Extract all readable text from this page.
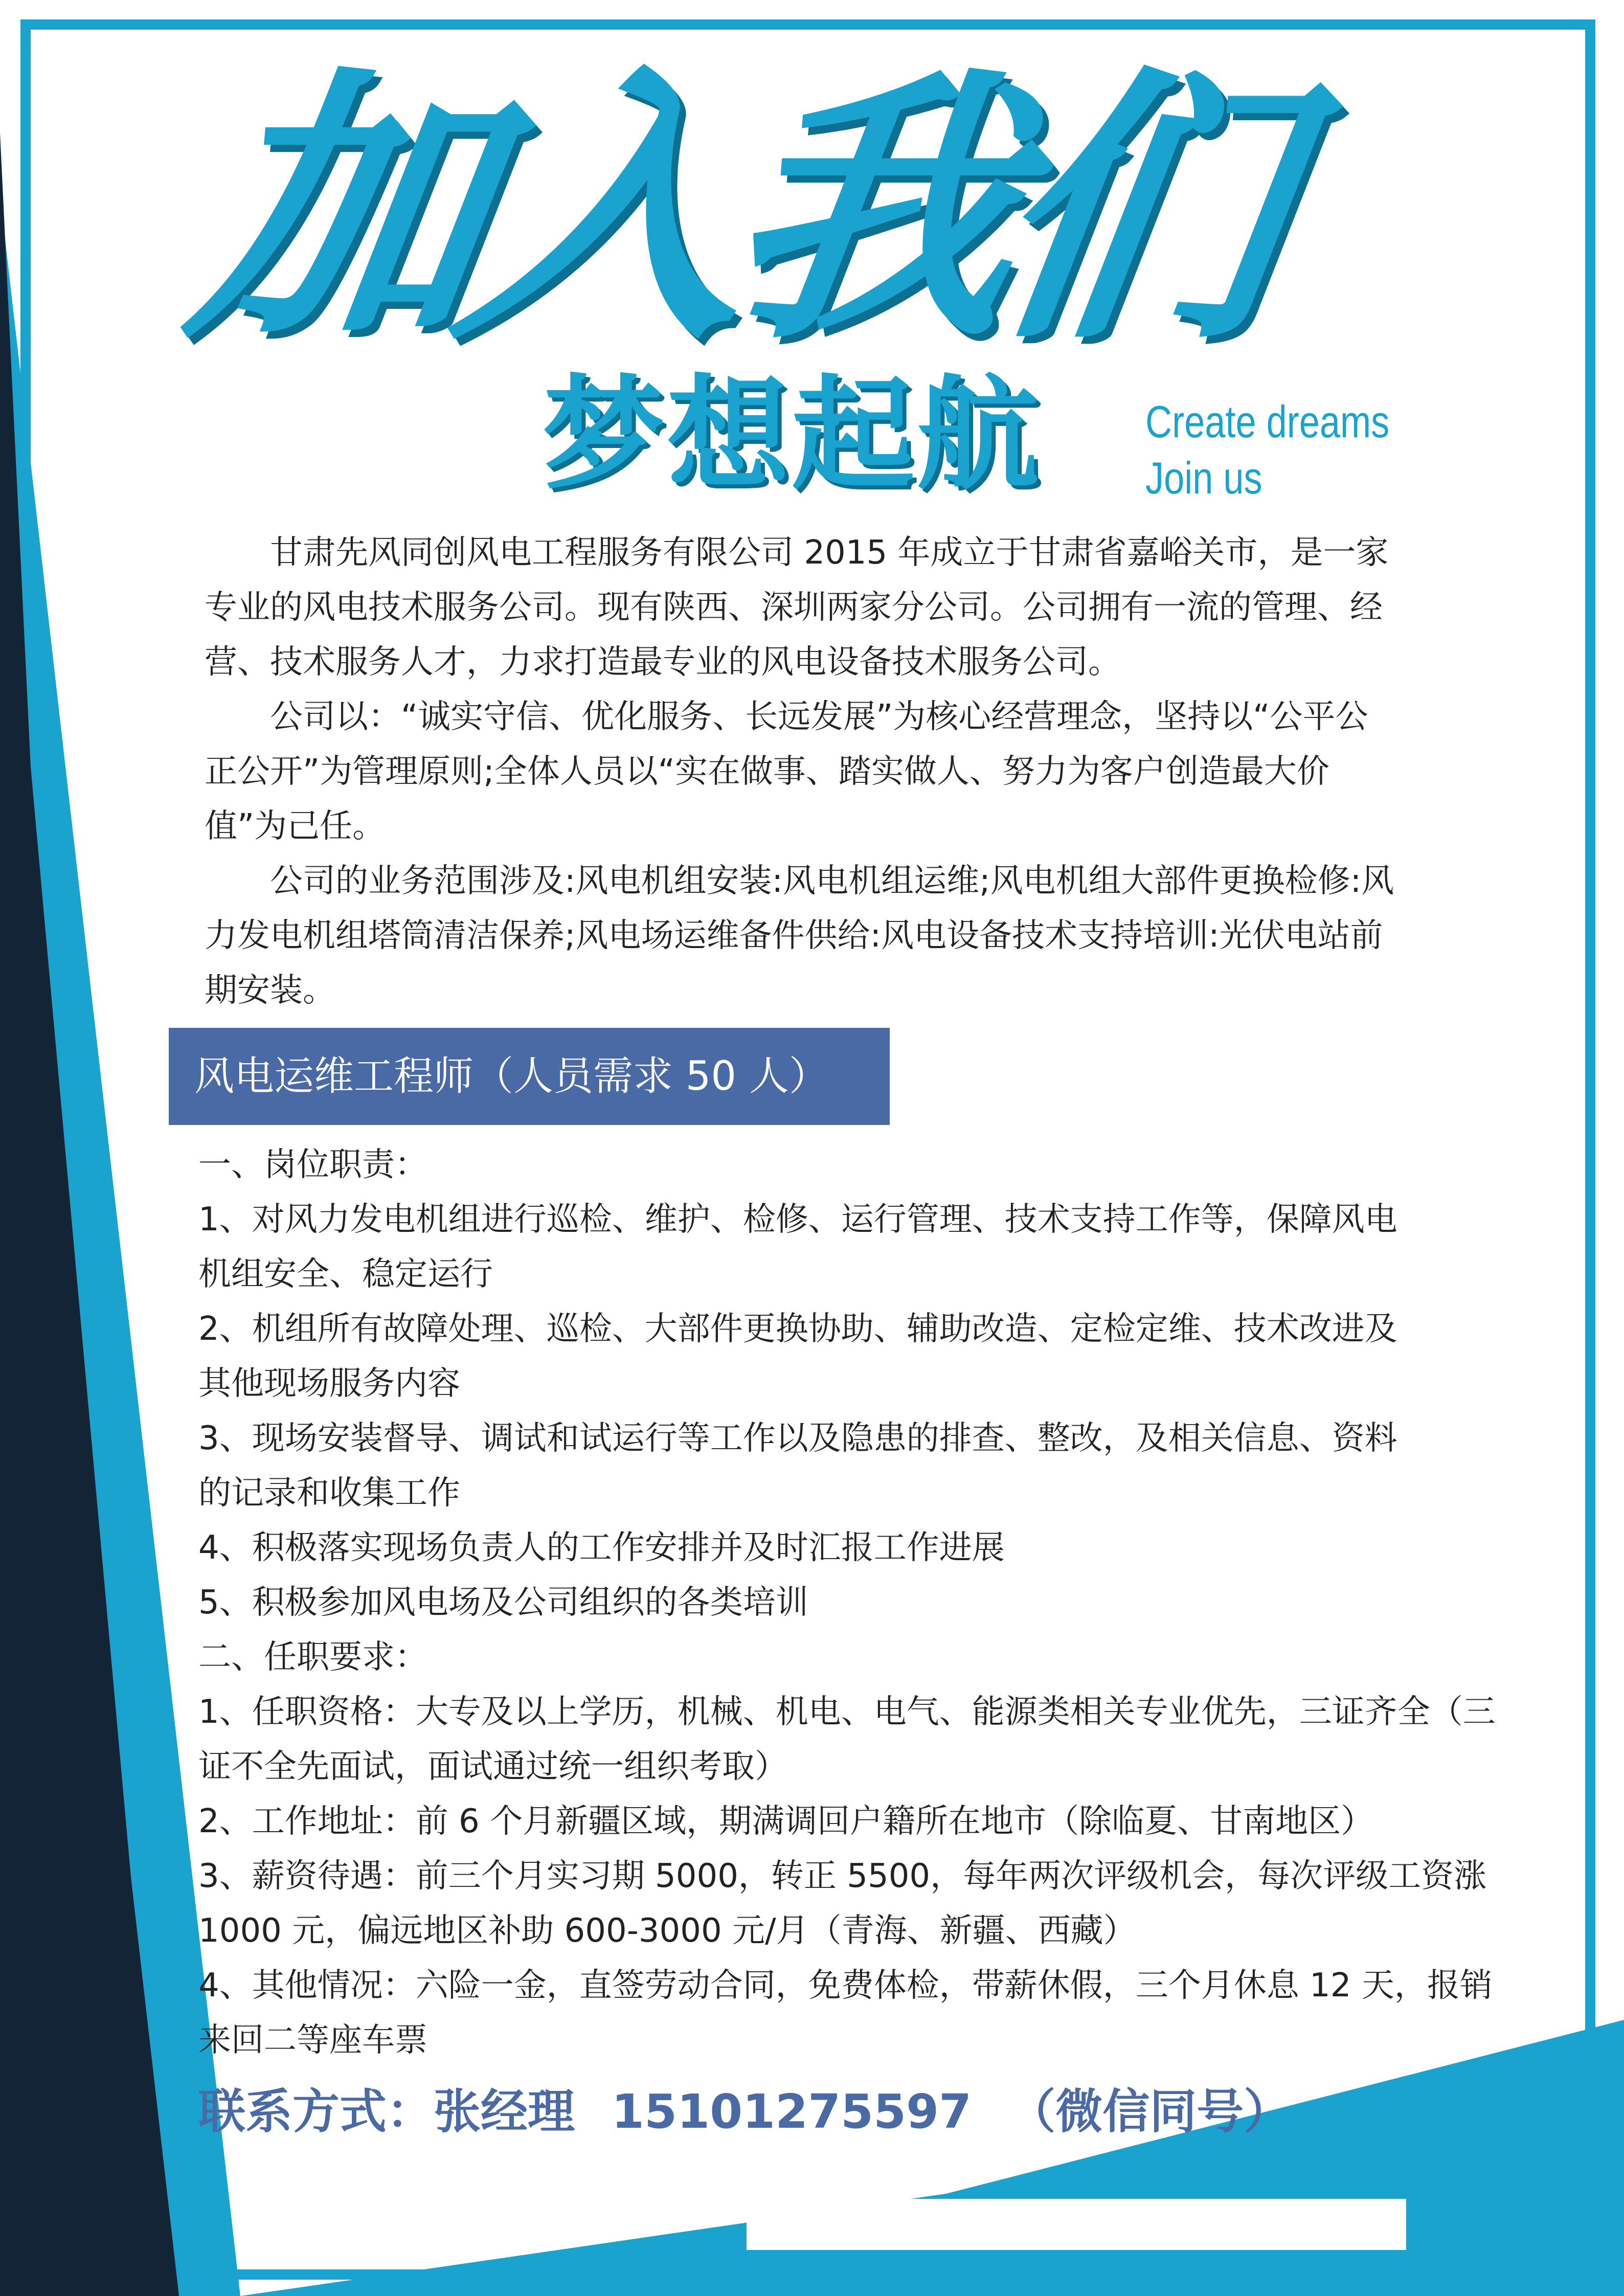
加入我们
梦想起航 Create dreams
Join us

甘肃先风同创风电工程服务有限公司 2015 年成立于甘肃省嘉峪关市，是一家专业的风电技术服务公司。现有陕西、深圳两家分公司。公司拥有一流的管理、经营、技术服务人才，力求打造最专业的风电设备技术服务公司。

公司以：“诚实守信、优化服务、长远发展”为核心经营理念，坚持以“公平公正公开”为管理原则;全体人员以“实在做事、踏实做人、努力为客户创造最大价值”为己任。

公司的业务范围涉及:风电机组安装:风电机组运维;风电机组大部件更换检修:风力发电机组塔筒清洁保养;风电场运维备件供给:风电设备技术支持培训:光伏电站前期安装。

风电运维工程师（人员需求 50 人）

一、岗位职责：

1、对风力发电机组进行巡检、维护、检修、运行管理、技术支持工作等，保障风电

机组安全、稳定运行

2、机组所有故障处理、巡检、大部件更换协助、辅助改造、定检定维、技术改进及

其他现场服务内容

3、现场安装督导、调试和试运行等工作以及隐患的排查、整改，及相关信息、资料

的记录和收集工作

4、积极落实现场负责人的工作安排并及时汇报工作进展

5、积极参加风电场及公司组织的各类培训

二、任职要求：

1、任职资格：大专及以上学历，机械、机电、电气、能源类相关专业优先，三证齐全（三

证不全先面试，面试通过统一组织考取）

2、工作地址：前 6 个月新疆区域，期满调回户籍所在地市（除临夏、甘南地区）

3、薪资待遇：前三个月实习期 5000，转正 5500，每年两次评级机会，每次评级工资涨

1000 元，偏远地区补助 600-3000 元/月（青海、新疆、西藏）

4、其他情况：六险一金，直签劳动合同，免费体检，带薪休假，三个月休息 12 天，报销

来回二等座车票

联系方式：张经理 15101275597 （微信同号）
